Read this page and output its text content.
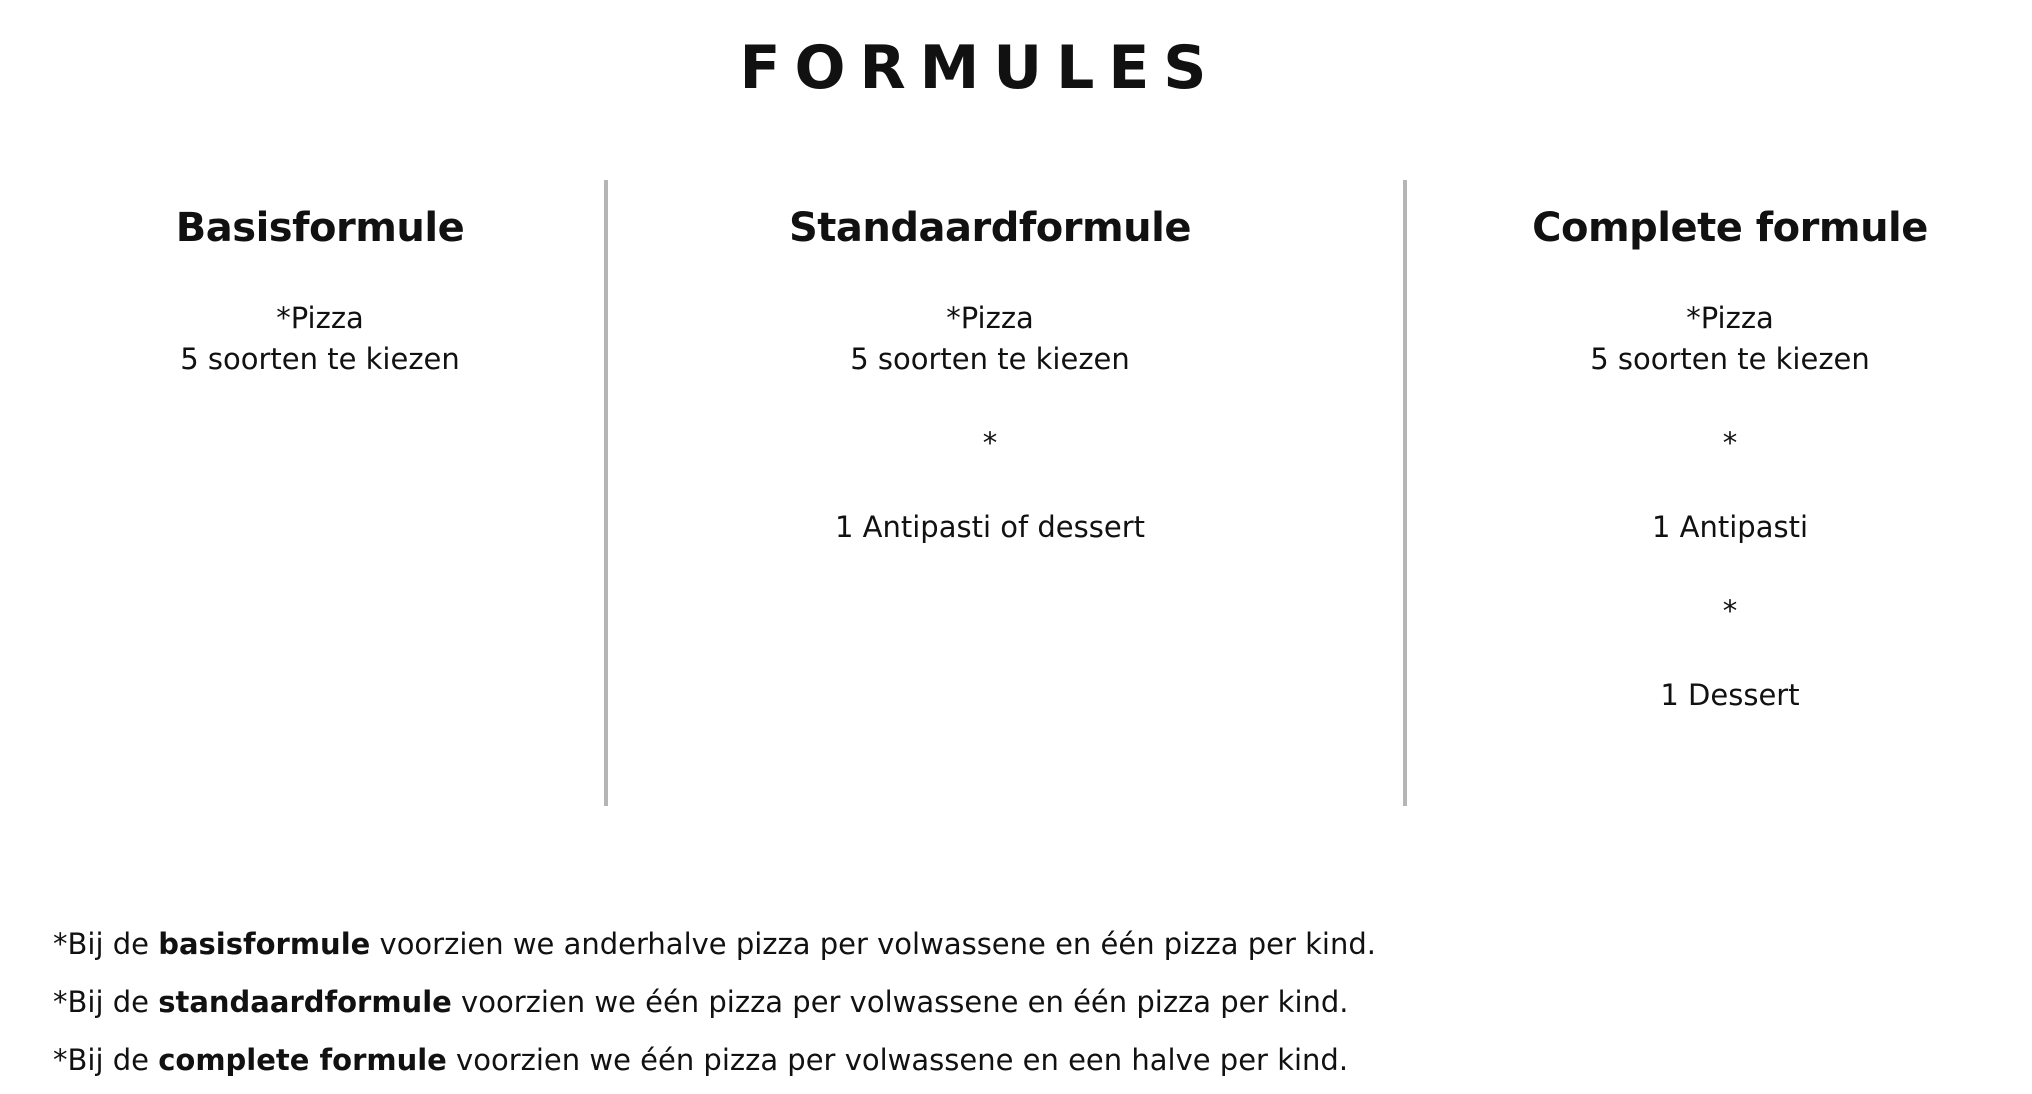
FORMULES
Basisformule
*Pizza
5 soorten te kiezen
Standaardformule
*Pizza
5 soorten te kiezen
*
1 Antipasti of dessert
Complete formule
*Pizza
5 soorten te kiezen
*
1 Antipasti
*
1 Dessert

*Bij de basisformule voorzien we anderhalve pizza per volwassene en één pizza per kind.

*Bij de standaardformule voorzien we één pizza per volwassene en één pizza per kind.

*Bij de complete formule voorzien we één pizza per volwassene en een halve per kind.
